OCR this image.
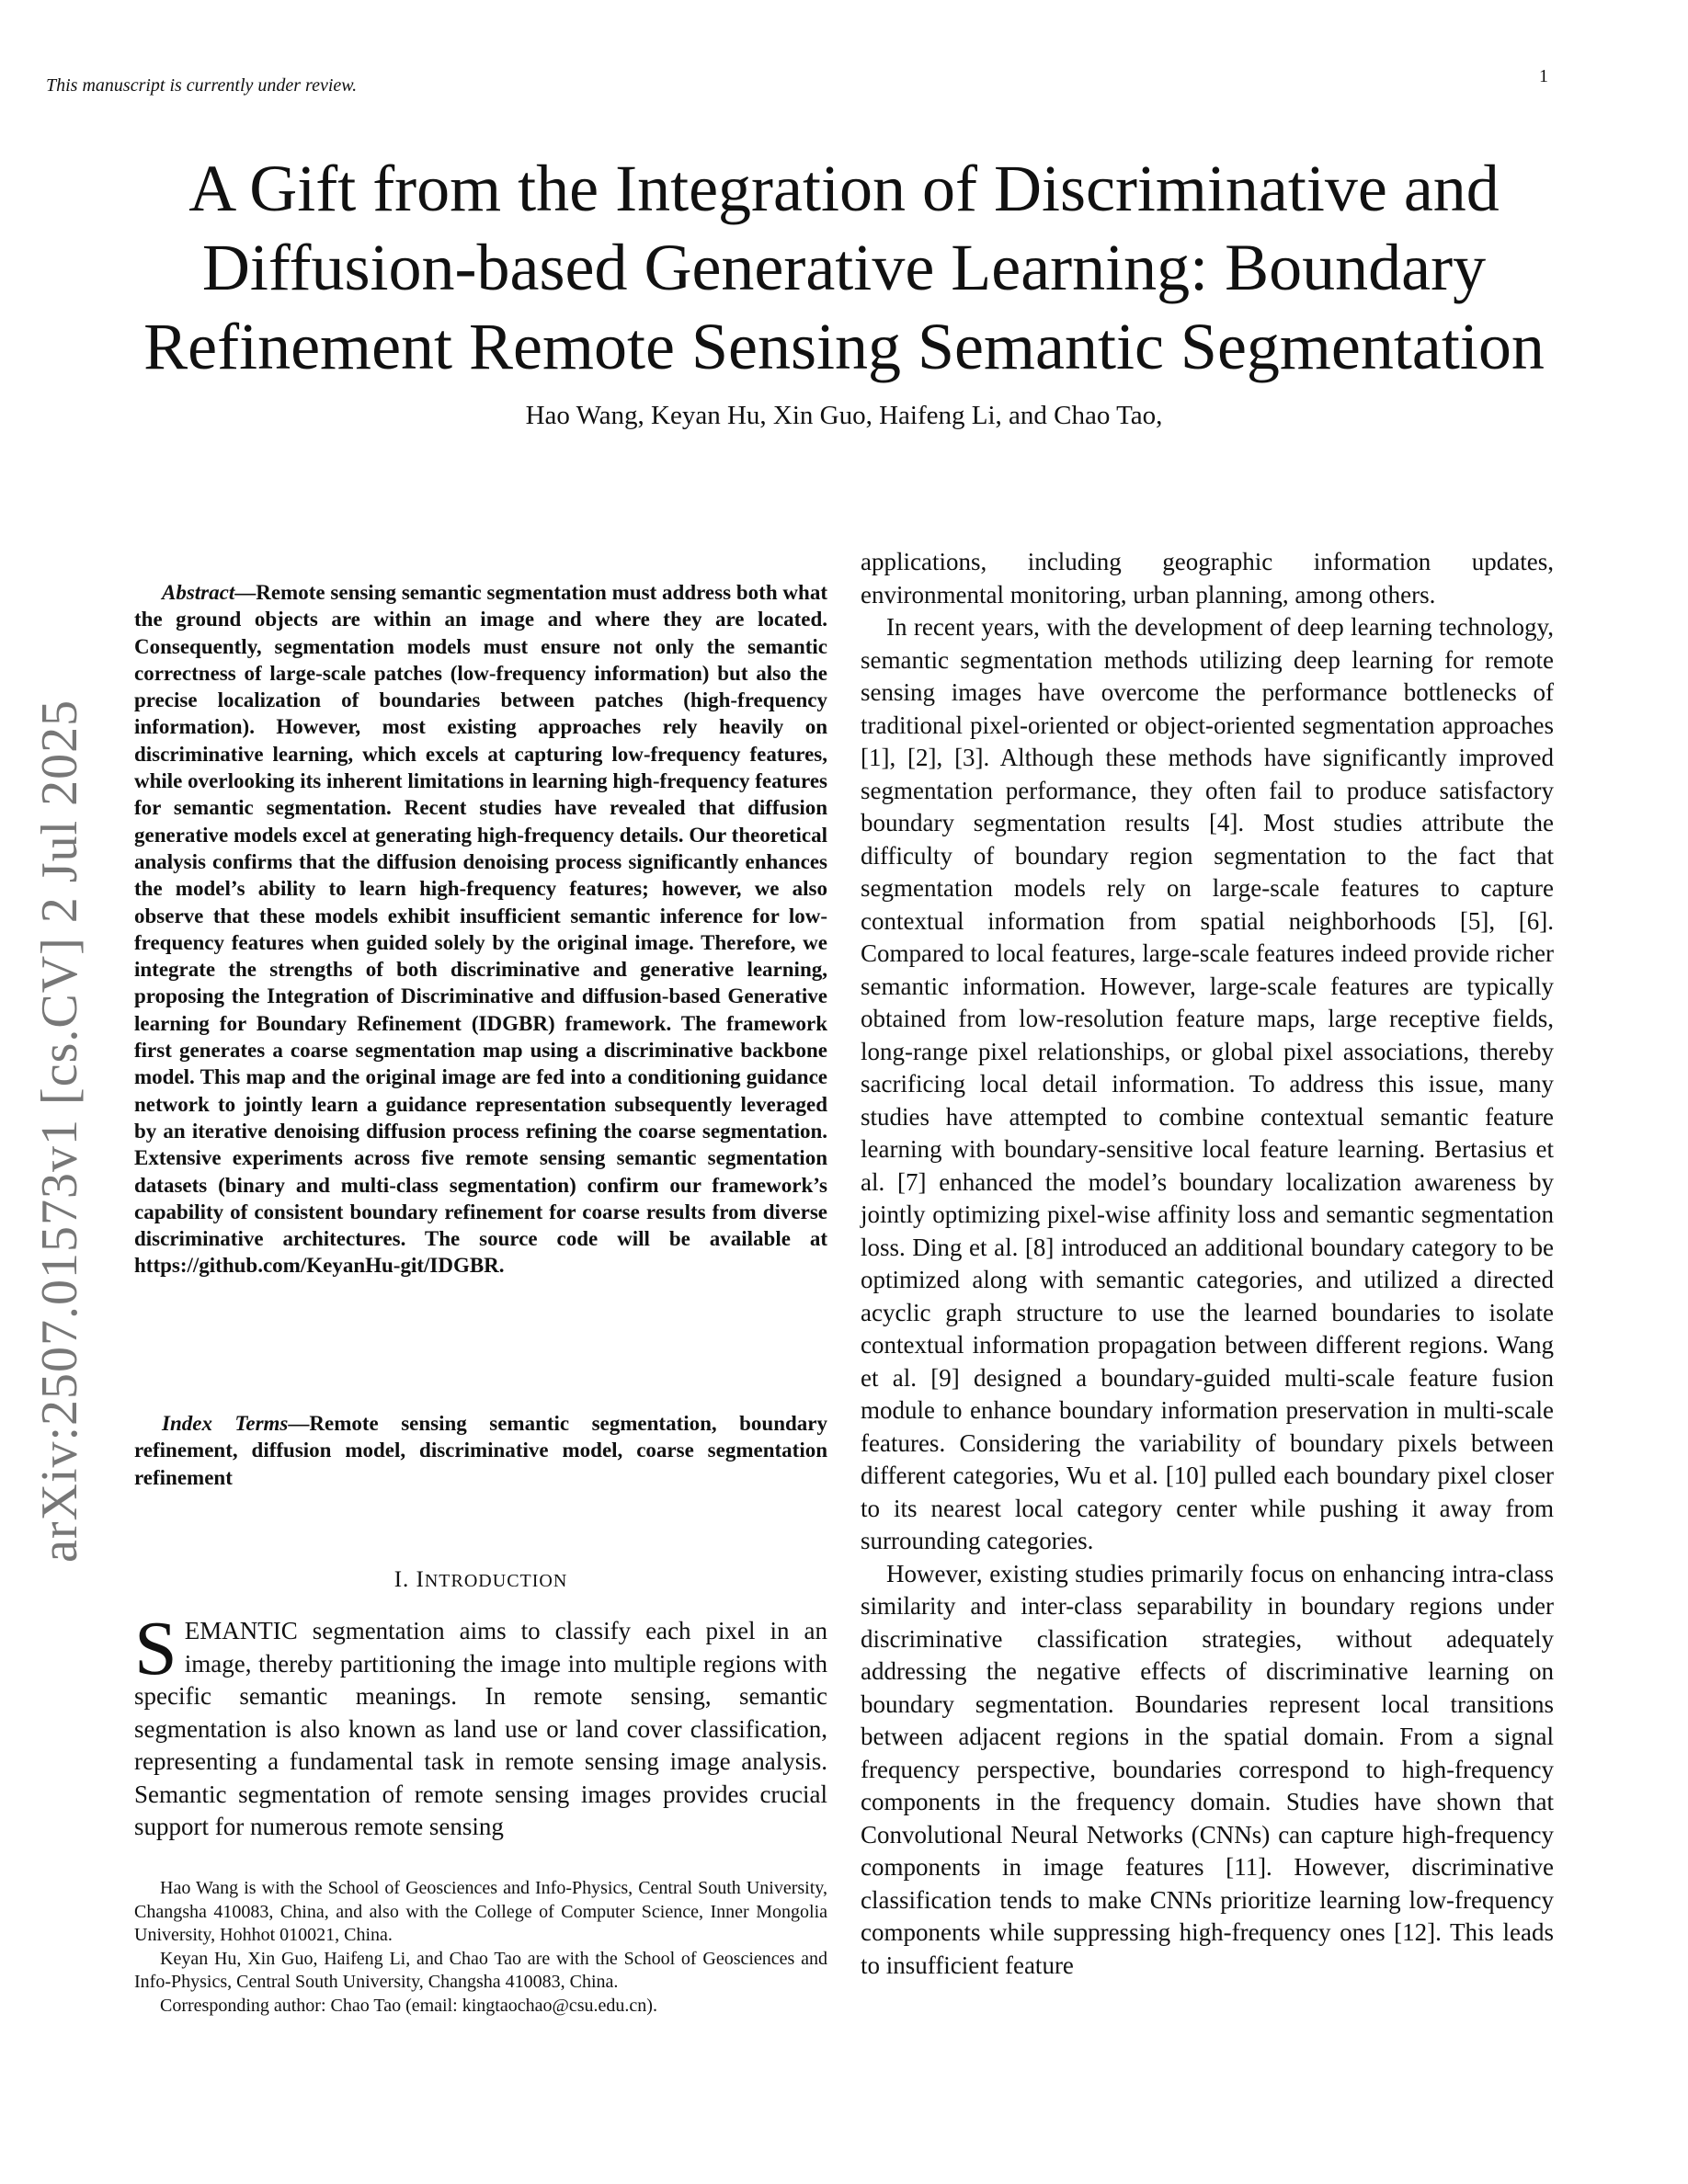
This manuscript is currently under review.	1
arXiv:2507.01573v1 [cs.CV] 2 Jul 2025
A Gift from the Integration of Discriminative and Diffusion-based Generative Learning: Boundary Refinement Remote Sensing Semantic Segmentation
Hao Wang, Keyan Hu, Xin Guo, Haifeng Li, and Chao Tao,
Abstract—Remote sensing semantic segmentation must address both what the ground objects are within an image and where they are located. Consequently, segmentation models must ensure not only the semantic correctness of large-scale patches (low-frequency information) but also the precise localization of boundaries between patches (high-frequency information). However, most existing approaches rely heavily on discriminative learning, which excels at capturing low-frequency features, while overlooking its inherent limitations in learning high-frequency features for semantic segmentation. Recent studies have revealed that diffusion generative models excel at generating high-frequency details. Our theoretical analysis confirms that the diffusion denoising process significantly enhances the model’s ability to learn high-frequency features; however, we also observe that these models exhibit insufficient semantic inference for low-frequency features when guided solely by the original image. Therefore, we integrate the strengths of both discriminative and generative learning, proposing the Integration of Discriminative and diffusion-based Generative learning for Boundary Refinement (IDGBR) framework. The framework first generates a coarse segmentation map using a discriminative backbone model. This map and the original image are fed into a conditioning guidance network to jointly learn a guidance representation subsequently leveraged by an iterative denoising diffusion process refining the coarse segmentation. Extensive experiments across five remote sensing semantic segmentation datasets (binary and multi-class segmentation) confirm our framework’s capability of consistent boundary refinement for coarse results from diverse discriminative architectures. The source code will be available at https://github.com/KeyanHu-git/IDGBR.
Index Terms—Remote sensing semantic segmentation, boundary refinement, diffusion model, discriminative model, coarse segmentation refinement
I. INTRODUCTION
SEMANTIC segmentation aims to classify each pixel in an image, thereby partitioning the image into multiple regions with specific semantic meanings. In remote sensing, semantic segmentation is also known as land use or land cover classification, representing a fundamental task in remote sensing image analysis. Semantic segmentation of remote sensing images provides crucial support for numerous remote sensing

Hao Wang is with the School of Geosciences and Info-Physics, Central South University, Changsha 410083, China, and also with the College of Computer Science, Inner Mongolia University, Hohhot 010021, China.

Keyan Hu, Xin Guo, Haifeng Li, and Chao Tao are with the School of Geosciences and Info-Physics, Central South University, Changsha 410083, China.

Corresponding author: Chao Tao (email: kingtaochao@csu.edu.cn).

applications, including geographic information updates, environmental monitoring, urban planning, among others.

In recent years, with the development of deep learning technology, semantic segmentation methods utilizing deep learning for remote sensing images have overcome the performance bottlenecks of traditional pixel-oriented or object-oriented segmentation approaches [1], [2], [3]. Although these methods have significantly improved segmentation performance, they often fail to produce satisfactory boundary segmentation results [4]. Most studies attribute the difficulty of boundary region segmentation to the fact that segmentation models rely on large-scale features to capture contextual information from spatial neighborhoods [5], [6]. Compared to local features, large-scale features indeed provide richer semantic information. However, large-scale features are typically obtained from low-resolution feature maps, large receptive fields, long-range pixel relationships, or global pixel associations, thereby sacrificing local detail information. To address this issue, many studies have attempted to combine contextual semantic feature learning with boundary-sensitive local feature learning. Bertasius et al. [7] enhanced the model’s boundary localization awareness by jointly optimizing pixel-wise affinity loss and semantic segmentation loss. Ding et al. [8] introduced an additional boundary category to be optimized along with semantic categories, and utilized a directed acyclic graph structure to use the learned boundaries to isolate contextual information propagation between different regions. Wang et al. [9] designed a boundary-guided multi-scale feature fusion module to enhance boundary information preservation in multi-scale features. Considering the variability of boundary pixels between different categories, Wu et al. [10] pulled each boundary pixel closer to its nearest local category center while pushing it away from surrounding categories.

However, existing studies primarily focus on enhancing intra-class similarity and inter-class separability in boundary regions under discriminative classification strategies, without adequately addressing the negative effects of discriminative learning on boundary segmentation. Boundaries represent local transitions between adjacent regions in the spatial domain. From a signal frequency perspective, boundaries correspond to high-frequency components in the frequency domain. Studies have shown that Convolutional Neural Networks (CNNs) can capture high-frequency components in image features [11]. However, discriminative classification tends to make CNNs prioritize learning low-frequency components while suppressing high-frequency ones [12]. This leads to insufficient feature
